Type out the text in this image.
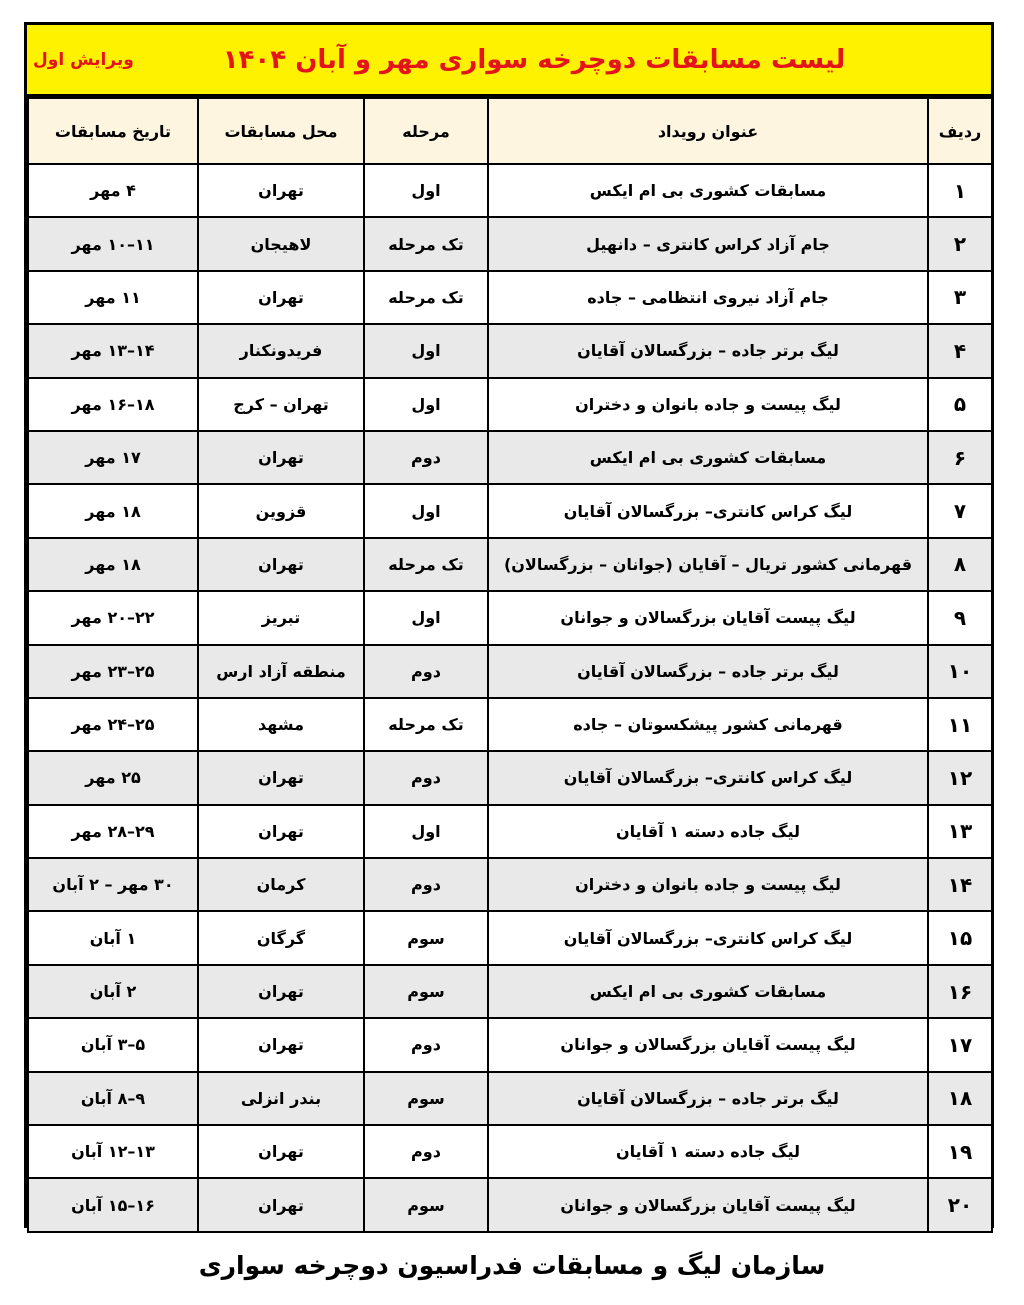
لیست مسابقات دوچرخه سواری مهر و آبان ۱۴۰۴
ویرایش اول
ردیف	عنوان رویداد	مرحله	محل مسابقات	تاریخ مسابقات
۱	مسابقات کشوری بی ام ایکس	اول	تهران	۴ مهر
۲	جام آزاد کراس کانتری – دانهیل	تک مرحله	لاهیجان	۱۱–۱۰ مهر
۳	جام آزاد نیروی انتظامی – جاده	تک مرحله	تهران	۱۱ مهر
۴	لیگ برتر جاده – بزرگسالان آقایان	اول	فریدونکنار	۱۴–۱۳ مهر
۵	لیگ پیست و جاده بانوان و دختران	اول	تهران – کرج	۱۸–۱۶ مهر
۶	مسابقات کشوری بی ام ایکس	دوم	تهران	۱۷ مهر
۷	لیگ کراس کانتری– بزرگسالان آقایان	اول	قزوین	۱۸ مهر
۸	قهرمانی کشور تریال – آقایان (جوانان – بزرگسالان)	تک مرحله	تهران	۱۸ مهر
۹	لیگ پیست آقایان بزرگسالان و جوانان	اول	تبریز	۲۲–۲۰ مهر
۱۰	لیگ برتر جاده – بزرگسالان آقایان	دوم	منطقه آزاد ارس	۲۵–۲۳ مهر
۱۱	قهرمانی کشور پیشکسوتان – جاده	تک مرحله	مشهد	۲۵–۲۴ مهر
۱۲	لیگ کراس کانتری– بزرگسالان آقایان	دوم	تهران	۲۵ مهر
۱۳	لیگ جاده دسته ۱ آقایان	اول	تهران	۲۹–۲۸ مهر
۱۴	لیگ پیست و جاده بانوان و دختران	دوم	کرمان	۳۰ مهر – ۲ آبان
۱۵	لیگ کراس کانتری– بزرگسالان آقایان	سوم	گرگان	۱ آبان
۱۶	مسابقات کشوری بی ام ایکس	سوم	تهران	۲ آبان
۱۷	لیگ پیست آقایان بزرگسالان و جوانان	دوم	تهران	۵–۳ آبان
۱۸	لیگ برتر جاده – بزرگسالان آقایان	سوم	بندر انزلی	۹–۸ آبان
۱۹	لیگ جاده دسته ۱ آقایان	دوم	تهران	۱۳–۱۲ آبان
۲۰	لیگ پیست آقایان بزرگسالان و جوانان	سوم	تهران	۱۶–۱۵ آبان
سازمان لیگ و مسابقات فدراسیون دوچرخه سواری
